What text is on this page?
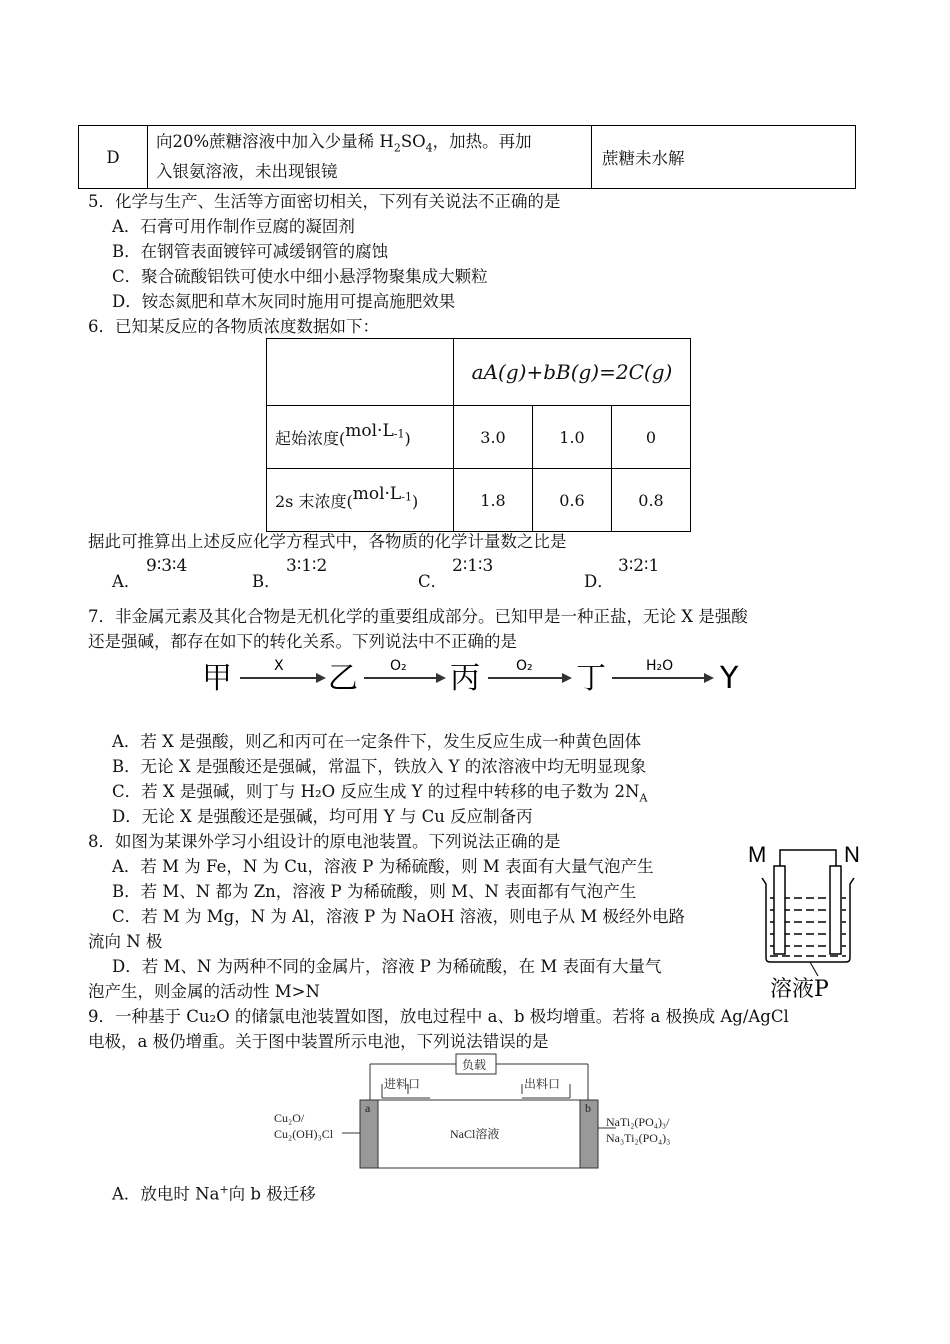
D	向20%蔗糖溶液中加入少量稀 $H_2SO_4$，加热。再加
入银氨溶液，未出现银镜	蔗糖未水解
5．化学与生产、生活等方面密切相关，下列有关说法不正确的是
A．石膏可用作制作豆腐的凝固剂
B．在钢管表面镀锌可减缓钢管的腐蚀
C．聚合硫酸铝铁可使水中细小悬浮物聚集成大颗粒
D．铵态氮肥和草木灰同时施用可提高施肥效果
6．已知某反应的各物质浓度数据如下：
	aA(g)+bB(g)=2C(g)		
起始浓度$(mol\cdot L^{-1})$	3.0	1.0	0
2s 末浓度$(mol\cdot L^{-1})$	1.8	0.6	0.8
据此可推算出上述反应化学方程式中，各物质的化学计量数之比是
A．
9∶3∶4
B．
3∶1∶2
C．
2∶1∶3
D．
3∶2∶1
7．非金属元素及其化合物是无机化学的重要组成部分。已知甲是一种正盐，无论 X 是强酸
还是强碱，都存在如下的转化关系。下列说法中不正确的是
甲	X 乙 O₂ 丙	O₂ 丁	H₂O Y
A．若 X 是强酸，则乙和丙可在一定条件下，发生反应生成一种黄色固体
B．无论 X 是强酸还是强碱，常温下，铁放入 Y 的浓溶液中均无明显现象
C．若 X 是强碱，则丁与 H₂O 反应生成 Y 的过程中转移的电子数为 $2N_A$
D．无论 X 是强酸还是强碱，均可用 Y 与 Cu 反应制备丙
8．如图为某课外学习小组设计的原电池装置。下列说法正确的是
A．若 M 为 Fe，N 为 Cu，溶液 P 为稀硫酸，则 M 表面有大量气泡产生
B．若 M、N 都为 Zn，溶液 P 为稀硫酸，则 M、N 表面都有气泡产生
C．若 M 为 Mg，N 为 Al，溶液 P 为 NaOH 溶液，则电子从 M 极经外电路
流向 N 极
D．若 M、N 为两种不同的金属片，溶液 P 为稀硫酸，在 M 表面有大量气
泡产生，则金属的活动性 M>N
M	N
溶液P
9．一种基于 Cu₂O 的储氯电池装置如图，放电过程中 a、b 极均增重。若将 a 极换成 Ag/AgCl
电极，a 极仍增重。关于图中装置所示电池，下列说法错误的是
负载
进料口	出料口
a	b
Cu₂O/
Cu₂(OH)₃Cl	NaCl溶液
NaTi₂(PO₄)₃/
Na₃Ti₂(PO₄)₃
A．放电时 Na+向 b 极迁移
